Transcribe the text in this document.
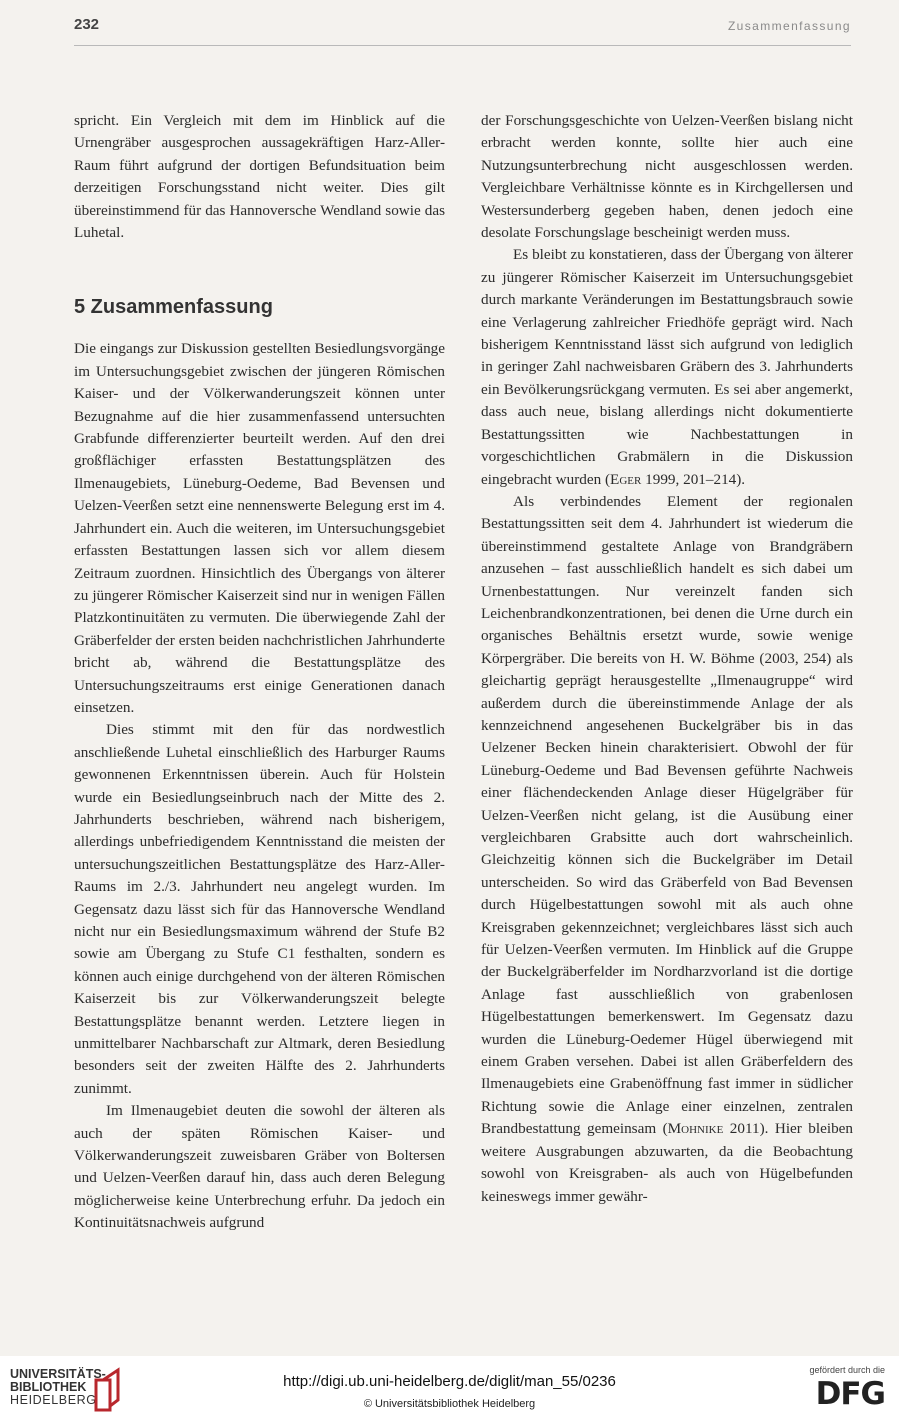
232	Zusammenfassung

spricht. Ein Vergleich mit dem im Hinblick auf die Urnengräber ausgesprochen aussagekräftigen Harz-Aller-Raum führt aufgrund der dortigen Befundsituation beim derzeitigen Forschungsstand nicht weiter. Dies gilt übereinstimmend für das Hannoversche Wendland sowie das Luhetal.

5 Zusammenfassung

Die eingangs zur Diskussion gestellten Besiedlungsvorgänge im Untersuchungsgebiet zwischen der jüngeren Römischen Kaiser- und der Völkerwanderungszeit können unter Bezugnahme auf die hier zusammenfassend untersuchten Grabfunde differenzierter beurteilt werden. Auf den drei großflächiger erfassten Bestattungsplätzen des Ilmenaugebiets, Lüneburg-Oedeme, Bad Bevensen und Uelzen-Veerßen setzt eine nennenswerte Belegung erst im 4. Jahrhundert ein. Auch die weiteren, im Untersuchungsgebiet erfassten Bestattungen lassen sich vor allem diesem Zeitraum zuordnen. Hinsichtlich des Übergangs von älterer zu jüngerer Römischer Kaiserzeit sind nur in wenigen Fällen Platzkontinuitäten zu vermuten. Die überwiegende Zahl der Gräberfelder der ersten beiden nachchristlichen Jahrhunderte bricht ab, während die Bestattungsplätze des Untersuchungszeitraums erst einige Generationen danach einsetzen.

Dies stimmt mit den für das nordwestlich anschließende Luhetal einschließlich des Harburger Raums gewonnenen Erkenntnissen überein. Auch für Holstein wurde ein Besiedlungseinbruch nach der Mitte des 2. Jahrhunderts beschrieben, während nach bisherigem, allerdings unbefriedigendem Kenntnisstand die meisten der untersuchungszeitlichen Bestattungsplätze des Harz-Aller-Raums im 2./3. Jahrhundert neu angelegt wurden. Im Gegensatz dazu lässt sich für das Hannoversche Wendland nicht nur ein Besiedlungsmaximum während der Stufe B2 sowie am Übergang zu Stufe C1 festhalten, sondern es können auch einige durchgehend von der älteren Römischen Kaiserzeit bis zur Völkerwanderungszeit belegte Bestattungsplätze benannt werden. Letztere liegen in unmittelbarer Nachbarschaft zur Altmark, deren Besiedlung besonders seit der zweiten Hälfte des 2. Jahrhunderts zunimmt.

Im Ilmenaugebiet deuten die sowohl der älteren als auch der späten Römischen Kaiser- und Völkerwanderungszeit zuweisbaren Gräber von Boltersen und Uelzen-Veerßen darauf hin, dass auch deren Belegung möglicherweise keine Unterbrechung erfuhr. Da jedoch ein Kontinuitätsnachweis aufgrund

der Forschungsgeschichte von Uelzen-Veerßen bislang nicht erbracht werden konnte, sollte hier auch eine Nutzungsunterbrechung nicht ausgeschlossen werden. Vergleichbare Verhältnisse könnte es in Kirchgellersen und Westersunderberg gegeben haben, denen jedoch eine desolate Forschungslage bescheinigt werden muss.

Es bleibt zu konstatieren, dass der Übergang von älterer zu jüngerer Römischer Kaiserzeit im Untersuchungsgebiet durch markante Veränderungen im Bestattungsbrauch sowie eine Verlagerung zahlreicher Friedhöfe geprägt wird. Nach bisherigem Kenntnisstand lässt sich aufgrund von lediglich in geringer Zahl nachweisbaren Gräbern des 3. Jahrhunderts ein Bevölkerungsrückgang vermuten. Es sei aber angemerkt, dass auch neue, bislang allerdings nicht dokumentierte Bestattungssitten wie Nachbestattungen in vorgeschichtlichen Grabmälern in die Diskussion eingebracht wurden (Eger 1999, 201–214).

Als verbindendes Element der regionalen Bestattungssitten seit dem 4. Jahrhundert ist wiederum die übereinstimmend gestaltete Anlage von Brandgräbern anzusehen – fast ausschließlich handelt es sich dabei um Urnenbestattungen. Nur vereinzelt fanden sich Leichenbrandkonzentrationen, bei denen die Urne durch ein organisches Behältnis ersetzt wurde, sowie wenige Körpergräber. Die bereits von H. W. Böhme (2003, 254) als gleichartig geprägt herausgestellte „Ilmenaugruppe“ wird außerdem durch die übereinstimmende Anlage der als kennzeichnend angesehenen Buckelgräber bis in das Uelzener Becken hinein charakterisiert. Obwohl der für Lüneburg-Oedeme und Bad Bevensen geführte Nachweis einer flächendeckenden Anlage dieser Hügelgräber für Uelzen-Veerßen nicht gelang, ist die Ausübung einer vergleichbaren Grabsitte auch dort wahrscheinlich. Gleichzeitig können sich die Buckelgräber im Detail unterscheiden. So wird das Gräberfeld von Bad Bevensen durch Hügelbestattungen sowohl mit als auch ohne Kreisgraben gekennzeichnet; vergleichbares lässt sich auch für Uelzen-Veerßen vermuten. Im Hinblick auf die Gruppe der Buckelgräberfelder im Nordharzvorland ist die dortige Anlage fast ausschließlich von grabenlosen Hügelbestattungen bemerkenswert. Im Gegensatz dazu wurden die Lüneburg-Oedemer Hügel überwiegend mit einem Graben versehen. Dabei ist allen Gräberfeldern des Ilmenaugebiets eine Grabenöffnung fast immer in südlicher Richtung sowie die Anlage einer einzelnen, zentralen Brandbestattung gemeinsam (Mohnike 2011). Hier bleiben weitere Ausgrabungen abzuwarten, da die Beobachtung sowohl von Kreisgraben- als auch von Hügelbefunden keineswegs immer gewähr-

UNIVERSITÄTS-
BIBLIOTHEK
HEIDELBERG
http://digi.ub.uni-heidelberg.de/diglit/man_55/0236
© Universitätsbibliothek Heidelberg
gefördert durch die
DFG
